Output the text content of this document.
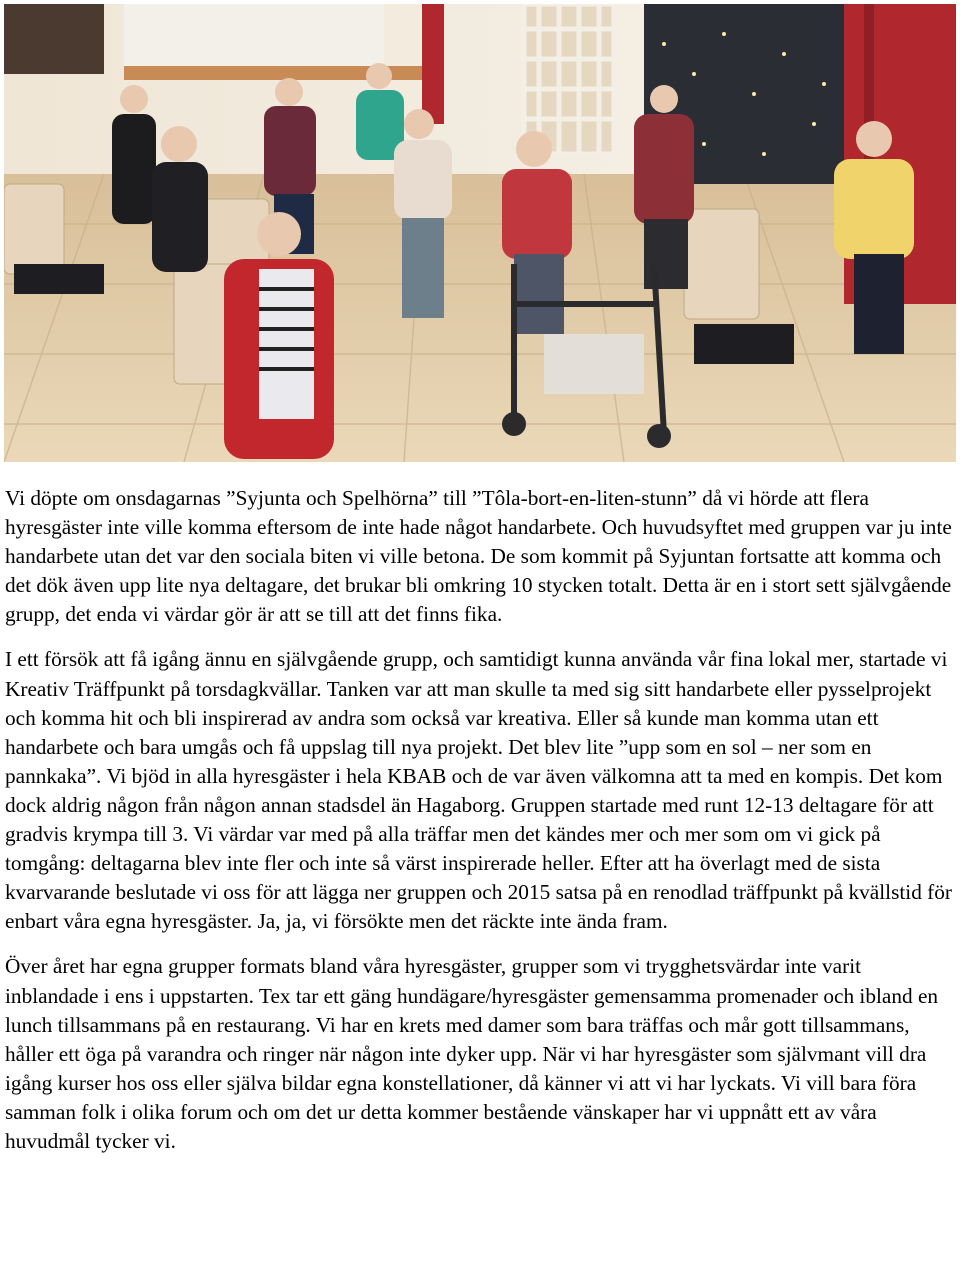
Vi döpte om onsdagarnas ”Syjunta och Spelhörna” till ”Tôla-bort-en-liten-stunn” då vi hörde att flera hyresgäster inte ville komma eftersom de inte hade något handarbete. Och huvudsyftet med gruppen var ju inte handarbete utan det var den sociala biten vi ville betona. De som kommit på Syjuntan fortsatte att komma och det dök även upp lite nya deltagare, det brukar bli omkring 10 stycken totalt. Detta är en i stort sett självgående grupp, det enda vi värdar gör är att se till att det finns fika.

I ett försök att få igång ännu en självgående grupp, och samtidigt kunna använda vår fina lokal mer, startade vi Kreativ Träffpunkt på torsdagkvällar. Tanken var att man skulle ta med sig sitt handarbete eller pysselprojekt och komma hit och bli inspirerad av andra som också var kreativa. Eller så kunde man komma utan ett handarbete och bara umgås och få uppslag till nya projekt. Det blev lite ”upp som en sol – ner som en pannkaka”. Vi bjöd in alla hyresgäster i hela KBAB och de var även välkomna att ta med en kompis. Det kom dock aldrig någon från någon annan stadsdel än Hagaborg. Gruppen startade med runt 12-13 deltagare för att gradvis krympa till 3. Vi värdar var med på alla träffar men det kändes mer och mer som om vi gick på tomgång: deltagarna blev inte fler och inte så värst inspirerade heller. Efter att ha överlagt med de sista kvarvarande beslutade vi oss för att lägga ner gruppen och 2015 satsa på en renodlad träffpunkt på kvällstid för enbart våra egna hyresgäster. Ja, ja, vi försökte men det räckte inte ända fram.

Över året har egna grupper formats bland våra hyresgäster, grupper som vi trygghetsvärdar inte varit inblandade i ens i uppstarten. Tex tar ett gäng hundägare/hyresgäster gemensamma promenader och ibland en lunch tillsammans på en restaurang. Vi har en krets med damer som bara träffas och mår gott tillsammans, håller ett öga på varandra och ringer när någon inte dyker upp. När vi har hyresgäster som självmant vill dra igång kurser hos oss eller själva bildar egna konstellationer, då känner vi att vi har lyckats. Vi vill bara föra samman folk i olika forum och om det ur detta kommer bestående vänskaper har vi uppnått ett av våra huvudmål tycker vi.
